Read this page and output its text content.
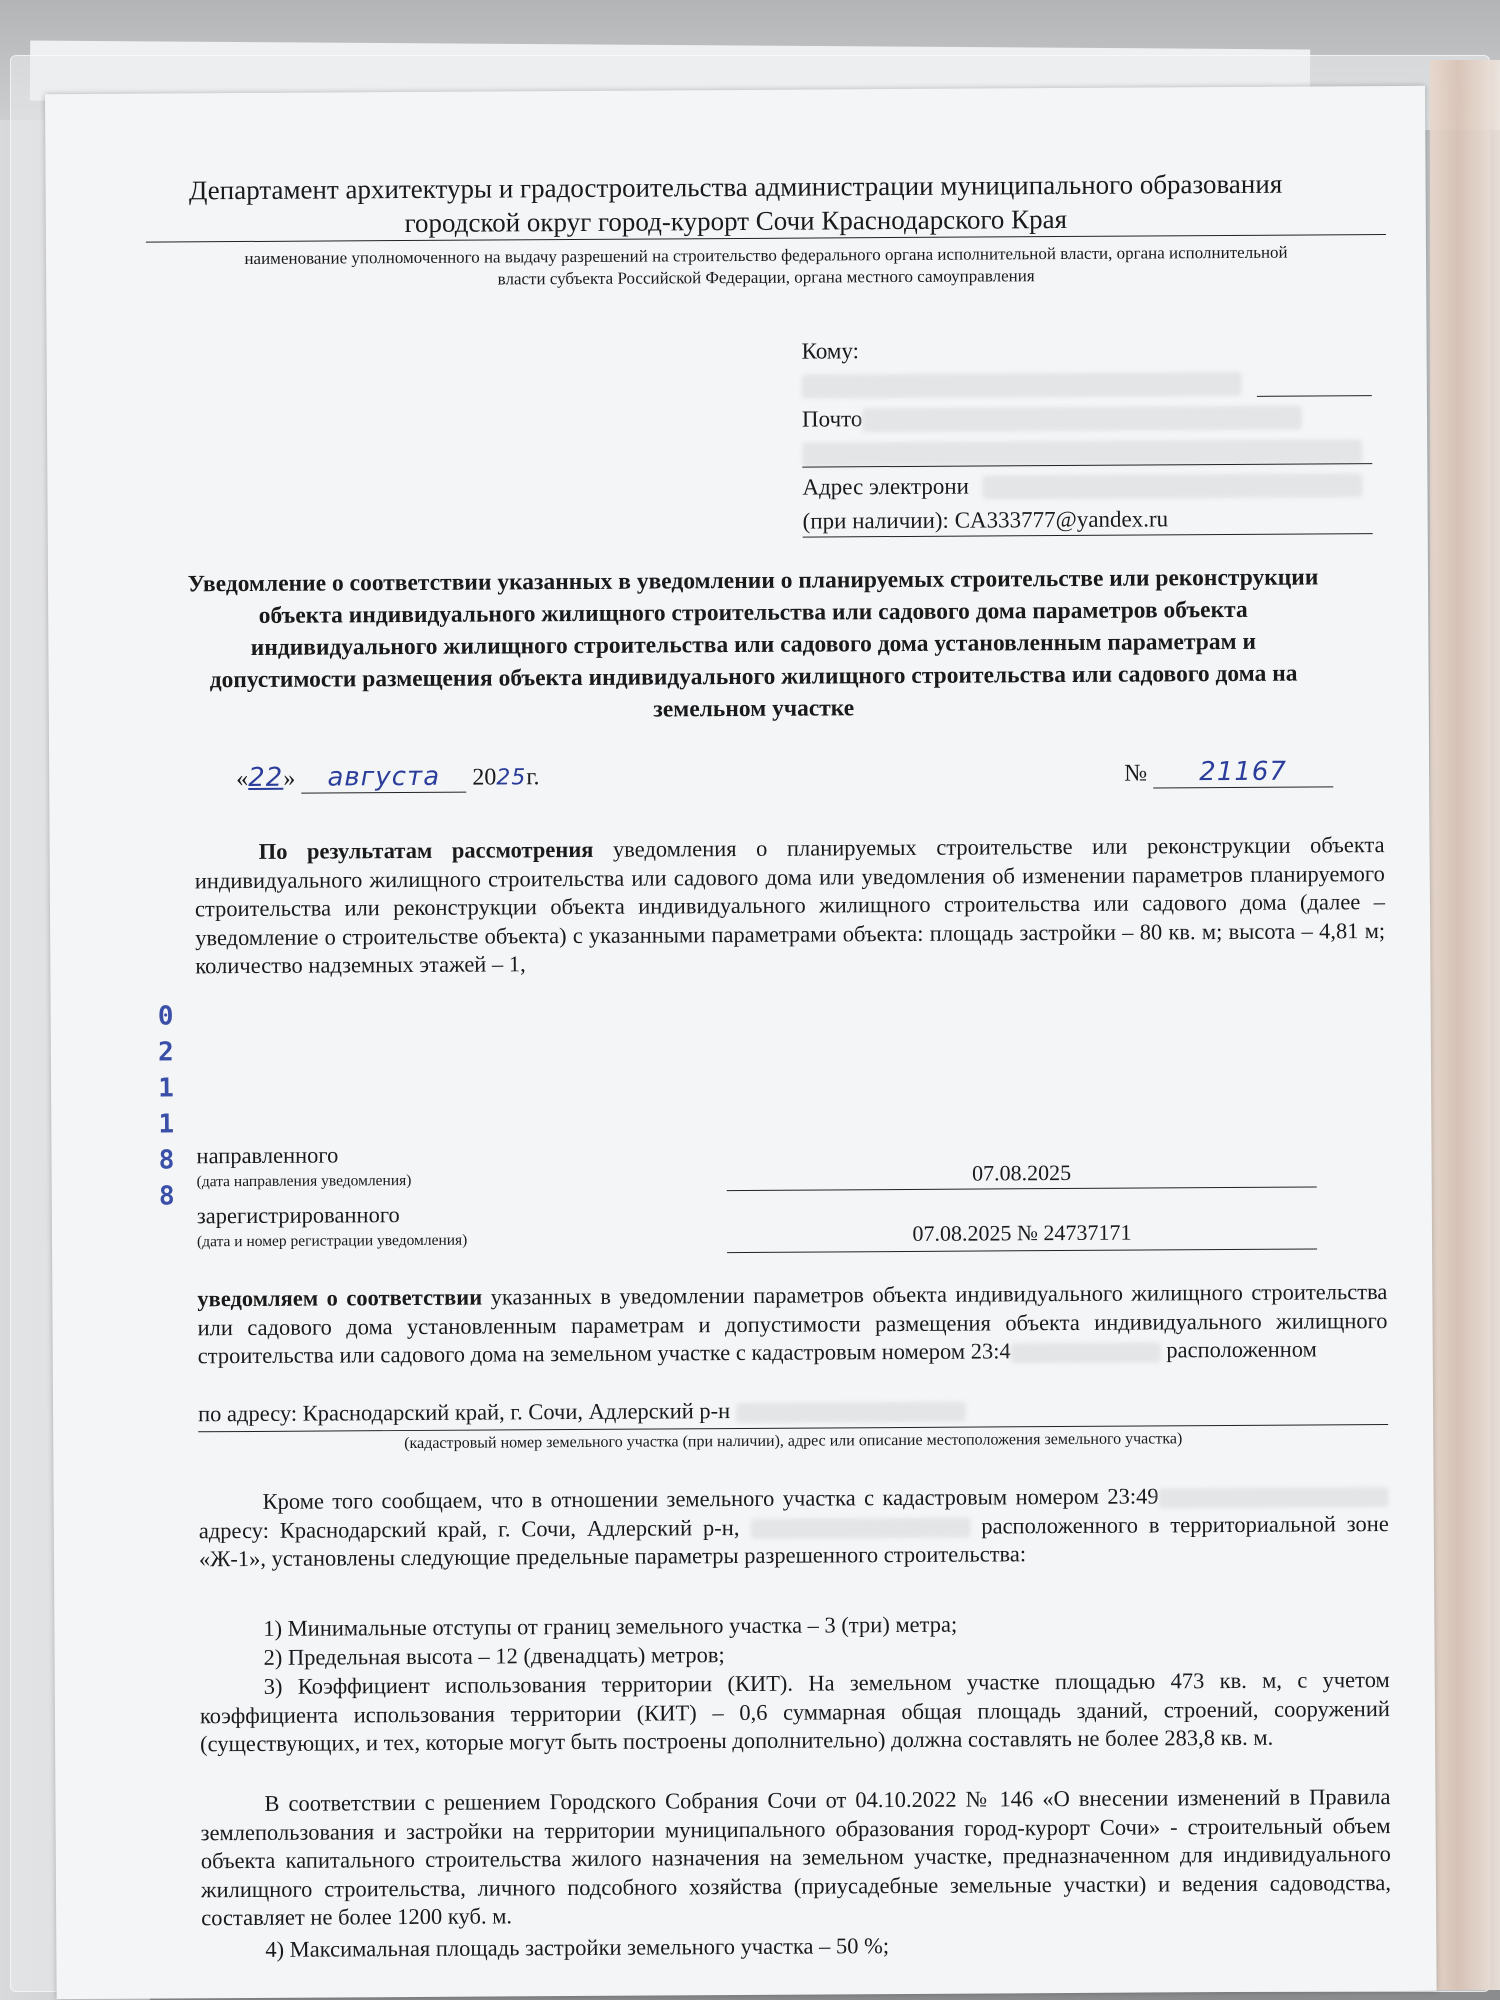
Департамент архитектуры и градостроительства администрации муниципального образования
городской округ город-курорт Сочи Краснодарского Края
наименование уполномоченного на выдачу разрешений на строительство федерального органа исполнительной власти, органа исполнительной
власти субъекта Российской Федерации, органа местного самоуправления
Кому:
Почто
Адрес электрони
(при наличии): CA333777@yandex.ru
Уведомление о соответствии указанных в уведомлении о планируемых строительстве или реконструкции объекта индивидуального жилищного строительства или садового дома параметров объекта индивидуального жилищного строительства или садового дома установленным параметрам и допустимости размещения объекта индивидуального жилищного строительства или садового дома на земельном участке
«22» августа 2025г.	№ 21167
По результатам рассмотрения уведомления о планируемых строительстве или реконструкции объекта индивидуального жилищного строительства или садового дома или уведомления об изменении параметров планируемого строительства или реконструкции объекта индивидуального жилищного строительства или садового дома (далее – уведомление о строительстве объекта) с указанными параметрами объекта: площадь застройки – 80 кв. м; высота – 4,81 м; количество надземных этажей – 1,
021188
направленного
(дата направления уведомления)	07.08.2025
зарегистрированного
(дата и номер регистрации уведомления)	07.08.2025 № 24737171
уведомляем о соответствии указанных в уведомлении параметров объекта индивидуального жилищного строительства или садового дома установленным параметрам и допустимости размещения объекта индивидуального жилищного строительства или садового дома на земельном участке с кадастровым номером 23:4	расположенном
по адресу: Краснодарский край, г. Сочи, Адлерский р-н
(кадастровый номер земельного участка (при наличии), адрес или описание местоположения земельного участка)
Кроме того сообщаем, что в отношении земельного участка с кадастровым номером 23:49 адресу: Краснодарский край, г. Сочи, Адлерский р-н,	расположенного в территориальной зоне «Ж-1», установлены следующие предельные параметры разрешенного строительства:
1) Минимальные отступы от границ земельного участка – 3 (три) метра;
2) Предельная высота – 12 (двенадцать) метров;
3) Коэффициент использования территории (КИТ). На земельном участке площадью 473 кв. м, с учетом коэффициента использования территории (КИТ) – 0,6 суммарная общая площадь зданий, строений, сооружений (существующих, и тех, которые могут быть построены дополнительно) должна составлять не более 283,8 кв. м.
В соответствии с решением Городского Собрания Сочи от 04.10.2022 № 146 «О внесении изменений в Правила землепользования и застройки на территории муниципального образования город-курорт Сочи» - строительный объем объекта капитального строительства жилого назначения на земельном участке, предназначенном для индивидуального жилищного строительства, личного подсобного хозяйства (приусадебные земельные участки) и ведения садоводства, составляет не более 1200 куб. м.
4) Максимальная площадь застройки земельного участка – 50 %;
